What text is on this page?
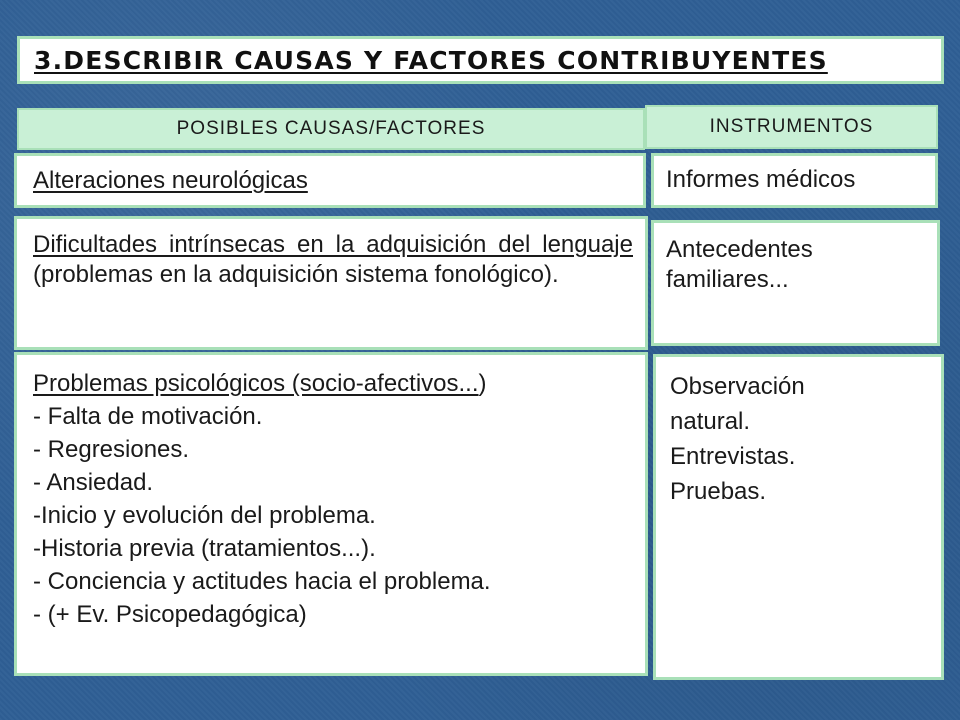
3.DESCRIBIR CAUSAS Y FACTORES CONTRIBUYENTES
POSIBLES CAUSAS/FACTORES	INSTRUMENTOS
Alteraciones neurológicas	Informes médicos
Dificultades intrínsecas en la adquisición del lenguaje (problemas en la adquisición sistema fonológico).
Antecedentes
familiares...
Problemas psicológicos (socio-afectivos...)
- Falta de motivación.
- Regresiones.
- Ansiedad.
-Inicio y evolución del problema.
-Historia previa (tratamientos...).
- Conciencia y actitudes hacia el problema.
- (+ Ev. Psicopedagógica)
Observación
natural.
Entrevistas.
Pruebas.
